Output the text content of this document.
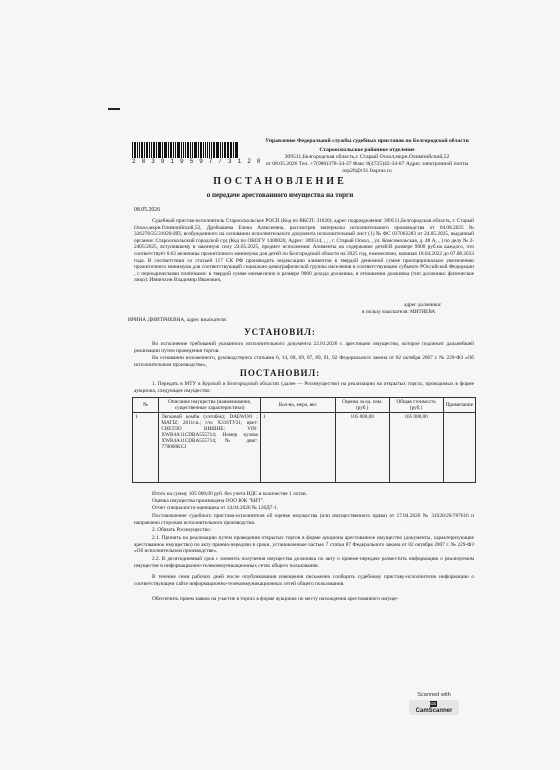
2 8 3 9 1 9 5 9 7 / 3 1 2 0
Управление Федеральной службы судебных приставов по Белгородской области
Старооскольское районное отделение
309511,Белгородская область,г. Старый Оскол,мкрн.Олимпийский,52
от 08.05.2026 Тел. +7(980)378-34-37 Факс 8(4725)42-34-87 Адрес электронной почты osp20@r31.fssprus.ru
ПОСТАНОВЛЕНИЕ
о передаче арестованного имущества на торги
08.05.2026
Судебный пристав-исполнитель Старооскольское РОСП (Код по ВКСП: 31020), адрес подразделения: 309511,Белгородская область, г. Старый Оскол,мкрн.Олимпийский,52, Дробышева Елена Алексеевна, рассмотрев материалы исполнительного производства от 04.08.2025 № 326278/25/31020-ИП, возбужденного на основании исполнительного документа исполнительный лист (1) № ФС 037062283 от 24.05.2025, выданный органом: Старооскольский городской суд (Код по ОКОГУ 1400026; Адрес: 309514, , , , г. Старый Оскол, , ул. Комсомольская, д. 48 А, , ) по делу № 2-2405/2025, вступившему в законную силу 24.05.2025, предмет исполнения: Алименты на содержание детей:В размере 9000 руб.на каждого, что соответствует 0.62 величины прожиточного минимума для детей по Белгородской области на 2025 год, ежемесячно, начиная 18.04.2022 до 07.08.2033 года. В соответствии со статьей 117 СК РФ производить индексацию алиментов в твердой денежной сумме пропорционально увеличению прожиточного минимума для соответствующей социально-демографической группы населения в соответствующем субъекте РОссийской Федерации , с периодическими платежами: в твердой сумме ежемесячно в размере 9000 дохода должника, в отношении должника (тип должника: физическое лицо): Ивничхин Владимир Иванович,
адрес должника:
в пользу взыскателя: МИТЯЕВА
ИРИНА ДМИТРИЕВНА, адрес взыскателя:
УСТАНОВИЛ:
Во исполнение требований указанного исполнительного документа 22.01.2026 г. арестовано имущество, которое подлежит дальнейшей реализации путем проведения торгов.
На основании изложенного, руководствуясь статьями 6, 14, 68, 69, 87, 89, 91, 92 Федерального закона от 02 октября 2007 г. № 229-ФЗ «Об исполнительном производстве»,
ПОСТАНОВИЛ:
1. Передать в МТУ в Курской и Белгородской областях (далее — Росимущество) на реализацию на открытых торгах, проводимых в форме аукциона, следующее имущество:
№	Описание имущества (наименование, существенные характеристики)	Кол-во, мера, вес	Оценка за ед. изм. (руб.)	Общая стоимость (руб.)	Примечание
1	Легковой комби (хэтчбек); DAEWOO ; MATIZ; 2011г.в.; г/н: Х316ТУ31; цвет: СВЕТЛО ВИШНЕ; VIN: XWB4A11CDBA555714; Номер кузова XWB4A11CDBA555714; № двиг: 770008KCJ	1	105 000,00	105 000,00	
Итого на сумму 105 000,00 руб. без учета НДС в количестве 1 лотов.
Оценка имущества произведена ООО ЮК "БИТ".
Отчет специалиста-оценщика от 14.04.2026 № 126Д7-1.
Постановление судебного пристава-исполнителя об оценке имущества (или имущественного права) от 17.04.2026 № 31020/26/787616 и направлено сторонам исполнительного производства.
2. Обязать Росимущество:
2.1. Принять на реализацию путем проведения открытых торгов в форме аукциона арестованное имущество (документы, характеризующие арестованное имущество) по акту приема-передачи в сроки, установленные частью 7 статьи 87 Федерального закона от 02 октября 2007 г. № 229-ФЗ «Об исполнительном производстве».
2.2. В десятидневный срок с момента получения имущества должника по акту о приеме-передаче разместить информацию о реализуемом имуществе в информационно-телекоммуникационных сетях общего пользования.
В течение семи рабочих дней после опубликования извещения письменно сообщить судебному приставу-исполнителю информацию о соответствующем сайте информационно-телекоммуникационных сетей общего пользования.
Обеспечить прием заявок на участие в торгах в форме аукциона по месту нахождения арестованного имуще-
Scanned with
CSCamScanner
